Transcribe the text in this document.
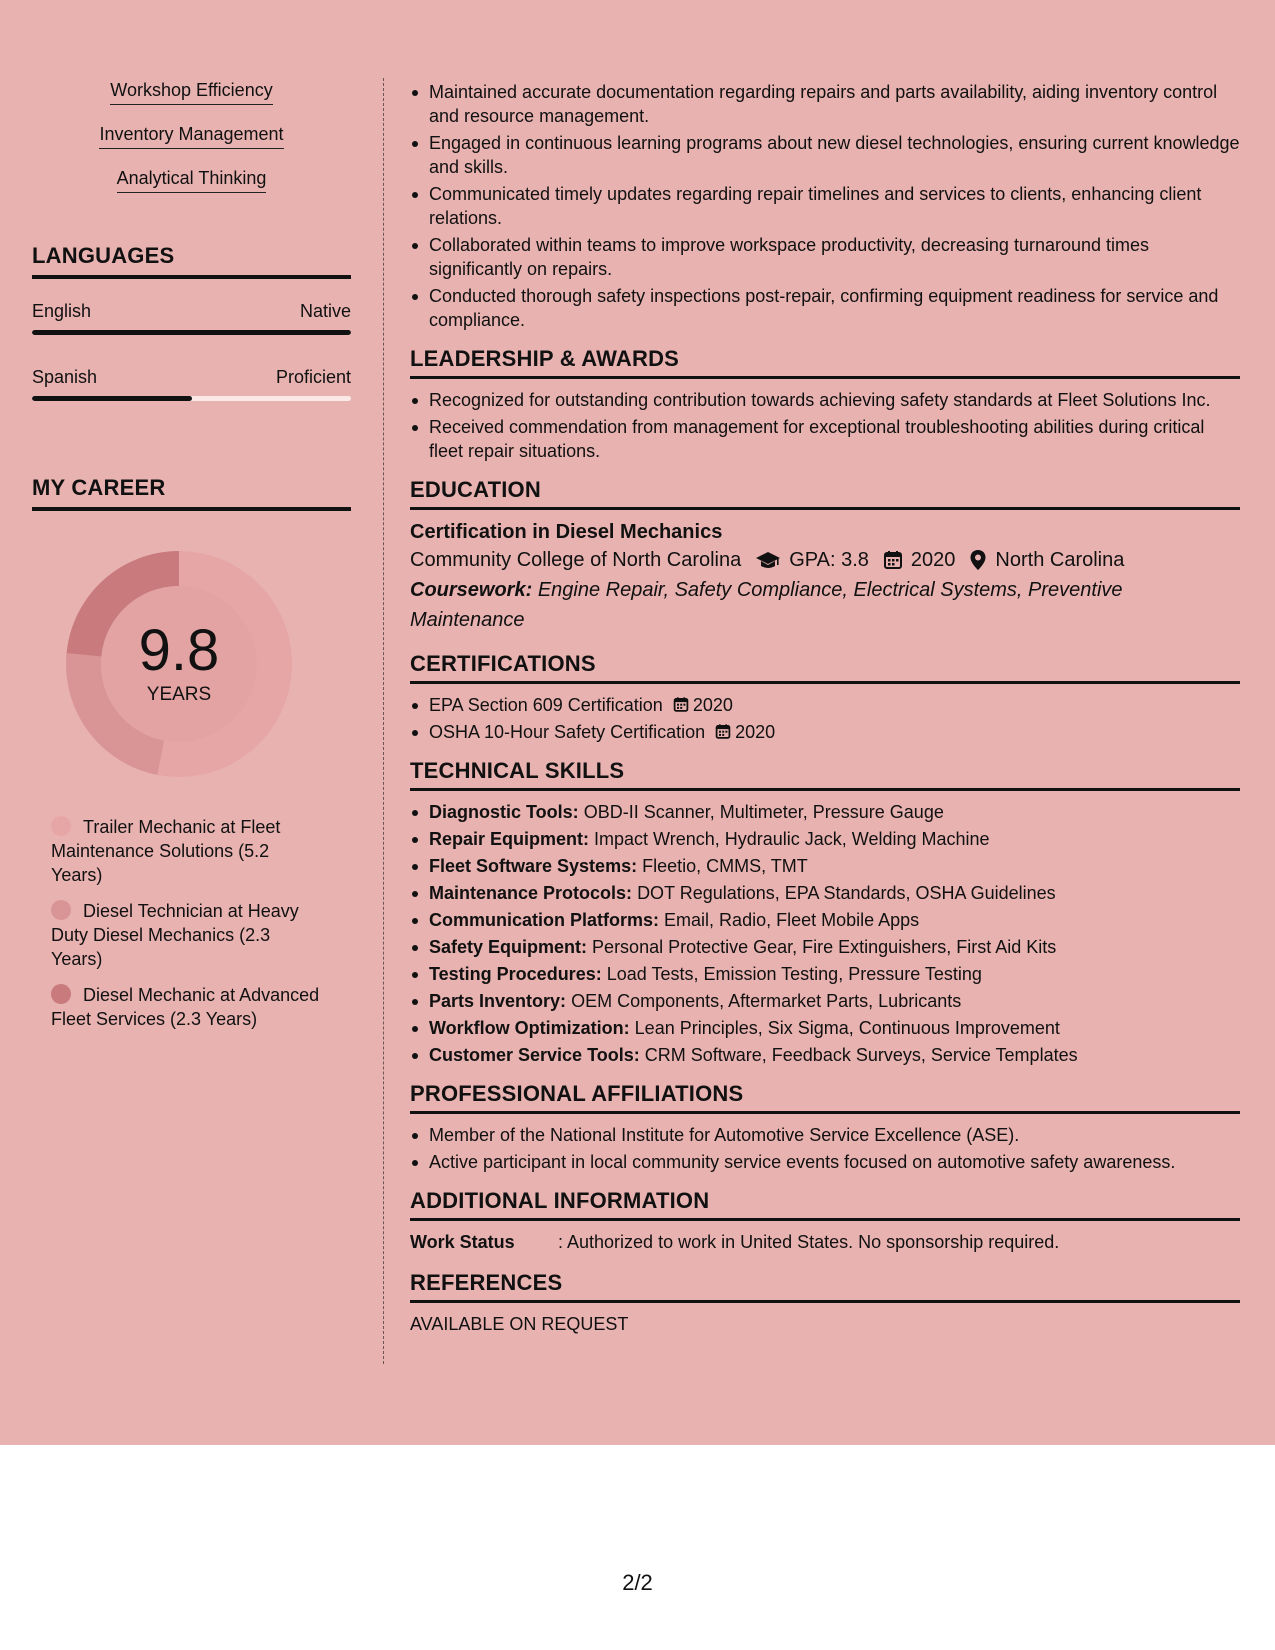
Workshop Efficiency
Inventory Management
Analytical Thinking
LANGUAGES
English	Native
Spanish	Proficient
MY CAREER
9.8
YEARS
Trailer Mechanic at Fleet Maintenance Solutions (5.2 Years)
Diesel Technician at Heavy Duty Diesel Mechanics (2.3 Years)
Diesel Mechanic at Advanced Fleet Services (2.3 Years)
Maintained accurate documentation regarding repairs and parts availability, aiding inventory control and resource management.
Engaged in continuous learning programs about new diesel technologies, ensuring current knowledge and skills.
Communicated timely updates regarding repair timelines and services to clients, enhancing client relations.
Collaborated within teams to improve workspace productivity, decreasing turnaround times significantly on repairs.
Conducted thorough safety inspections post-repair, confirming equipment readiness for service and compliance.
LEADERSHIP & AWARDS
Recognized for outstanding contribution towards achieving safety standards at Fleet Solutions Inc.
Received commendation from management for exceptional troubleshooting abilities during critical fleet repair situations.
EDUCATION
Certification in Diesel Mechanics
Community College of North Carolina GPA: 3.8 2020 North Carolina
Coursework: Engine Repair, Safety Compliance, Electrical Systems, Preventive Maintenance
CERTIFICATIONS
EPA Section 609 Certification 2020
OSHA 10-Hour Safety Certification 2020
TECHNICAL SKILLS
Diagnostic Tools: OBD-II Scanner, Multimeter, Pressure Gauge
Repair Equipment: Impact Wrench, Hydraulic Jack, Welding Machine
Fleet Software Systems: Fleetio, CMMS, TMT
Maintenance Protocols: DOT Regulations, EPA Standards, OSHA Guidelines
Communication Platforms: Email, Radio, Fleet Mobile Apps
Safety Equipment: Personal Protective Gear, Fire Extinguishers, First Aid Kits
Testing Procedures: Load Tests, Emission Testing, Pressure Testing
Parts Inventory: OEM Components, Aftermarket Parts, Lubricants
Workflow Optimization: Lean Principles, Six Sigma, Continuous Improvement
Customer Service Tools: CRM Software, Feedback Surveys, Service Templates
PROFESSIONAL AFFILIATIONS
Member of the National Institute for Automotive Service Excellence (ASE).
Active participant in local community service events focused on automotive safety awareness.
ADDITIONAL INFORMATION
Work Status	: Authorized to work in United States. No sponsorship required.
REFERENCES
AVAILABLE ON REQUEST
2/2
